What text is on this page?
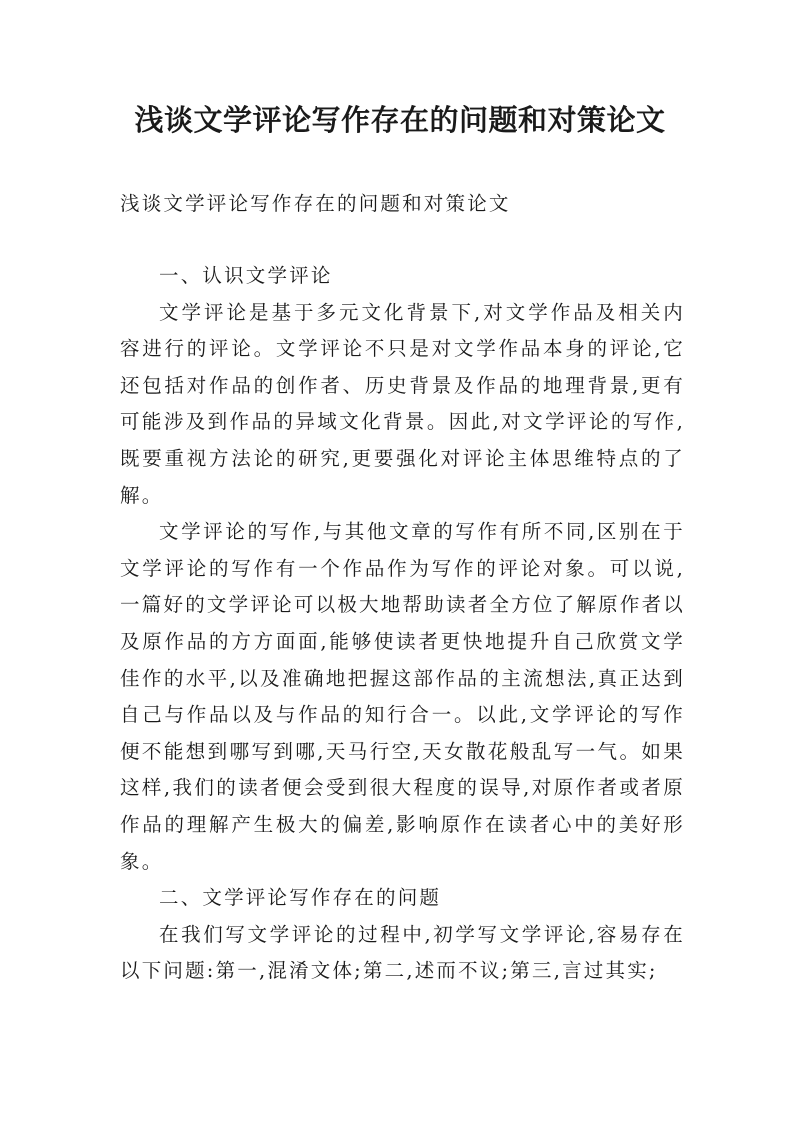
浅谈文学评论写作存在的问题和对策论文
浅谈文学评论写作存在的问题和对策论文

一、认识文学评论

文学评论是基于多元文化背景下,对文学作品及相关内容进行的评论。文学评论不只是对文学作品本身的评论,它还包括对作品的创作者、历史背景及作品的地理背景,更有可能涉及到作品的异域文化背景。因此,对文学评论的写作,既要重视方法论的研究,更要强化对评论主体思维特点的了解。

文学评论的写作,与其他文章的写作有所不同,区别在于文学评论的写作有一个作品作为写作的评论对象。可以说,一篇好的文学评论可以极大地帮助读者全方位了解原作者以及原作品的方方面面,能够使读者更快地提升自己欣赏文学佳作的水平,以及准确地把握这部作品的主流想法,真正达到自己与作品以及与作品的知行合一。以此,文学评论的写作便不能想到哪写到哪,天马行空,天女散花般乱写一气。如果这样,我们的读者便会受到很大程度的误导,对原作者或者原作品的理解产生极大的偏差,影响原作在读者心中的美好形象。

二、文学评论写作存在的问题

在我们写文学评论的过程中,初学写文学评论,容易存在以下问题:第一,混淆文体;第二,述而不议;第三,言过其实;
